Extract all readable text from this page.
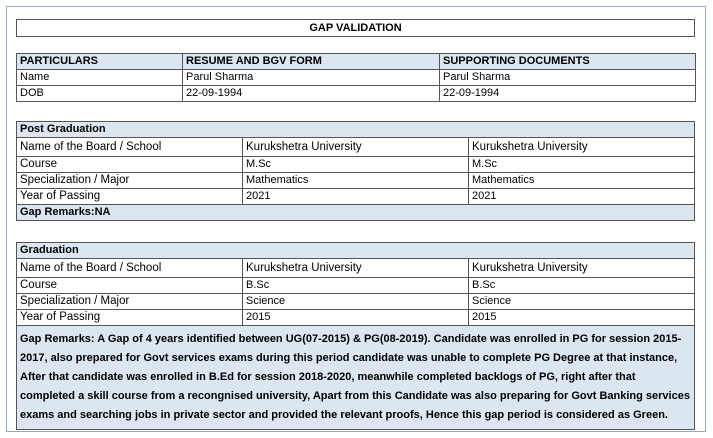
GAP VALIDATION
PARTICULARS	RESUME AND BGV FORM	SUPPORTING DOCUMENTS
Name	Parul Sharma	Parul Sharma
DOB	22-09-1994	22-09-1994
Post Graduation		
Name of the Board / School	Kurukshetra University	Kurukshetra University
Course	M.Sc	M.Sc
Specialization / Major	Mathematics	Mathematics
Year of Passing	2021	2021
Gap Remarks:NA		
Graduation		
Name of the Board / School	Kurukshetra University	Kurukshetra University
Course	B.Sc	B.Sc
Specialization / Major	Science	Science
Year of Passing	2015	2015
Gap Remarks: A Gap of 4 years identified between UG(07-2015) & PG(08-2019). Candidate was enrolled in PG for session 2015-2017, also prepared for Govt services exams during this period candidate was unable to complete PG Degree at that instance, After that candidate was enrolled in B.Ed for session 2018-2020, meanwhile completed backlogs of PG, right after that completed a skill course from a recongnised university, Apart from this Candidate was also preparing for Govt Banking services exams and searching jobs in private sector and provided the relevant proofs, Hence this gap period is considered as Green.		
